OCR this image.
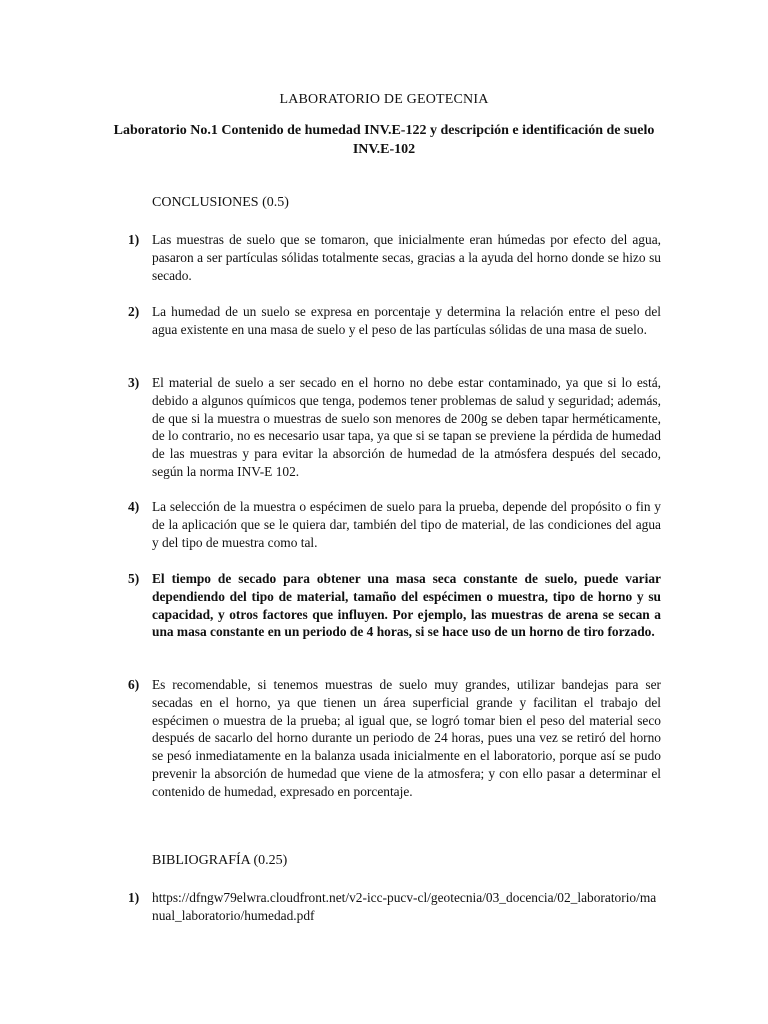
LABORATORIO DE GEOTECNIA
Laboratorio No.1 Contenido de humedad INV.E-122 y descripción e identificación de suelo INV.E-102
CONCLUSIONES (0.5)
1) Las muestras de suelo que se tomaron, que inicialmente eran húmedas por efecto del agua, pasaron a ser partículas sólidas totalmente secas, gracias a la ayuda del horno donde se hizo su secado.
2) La humedad de un suelo se expresa en porcentaje y determina la relación entre el peso del agua existente en una masa de suelo y el peso de las partículas sólidas de una masa de suelo.
3) El material de suelo a ser secado en el horno no debe estar contaminado, ya que si lo está, debido a algunos químicos que tenga, podemos tener problemas de salud y seguridad; además, de que si la muestra o muestras de suelo son menores de 200g se deben tapar herméticamente, de lo contrario, no es necesario usar tapa, ya que si se tapan se previene la pérdida de humedad de las muestras y para evitar la absorción de humedad de la atmósfera después del secado, según la norma INV-E 102.
4) La selección de la muestra o espécimen de suelo para la prueba, depende del propósito o fin y de la aplicación que se le quiera dar, también del tipo de material, de las condiciones del agua y del tipo de muestra como tal.
5) El tiempo de secado para obtener una masa seca constante de suelo, puede variar dependiendo del tipo de material, tamaño del espécimen o muestra, tipo de horno y su capacidad, y otros factores que influyen. Por ejemplo, las muestras de arena se secan a una masa constante en un periodo de 4 horas, si se hace uso de un horno de tiro forzado.
6) Es recomendable, si tenemos muestras de suelo muy grandes, utilizar bandejas para ser secadas en el horno, ya que tienen un área superficial grande y facilitan el trabajo del espécimen o muestra de la prueba; al igual que, se logró tomar bien el peso del material seco después de sacarlo del horno durante un periodo de 24 horas, pues una vez se retiró del horno se pesó inmediatamente en la balanza usada inicialmente en el laboratorio, porque así se pudo prevenir la absorción de humedad que viene de la atmosfera; y con ello pasar a determinar el contenido de humedad, expresado en porcentaje.
BIBLIOGRAFÍA (0.25)
1) https://dfngw79elwra.cloudfront.net/v2-icc-pucv-cl/geotecnia/03_docencia/02_laboratorio/manual_laboratorio/humedad.pdf
